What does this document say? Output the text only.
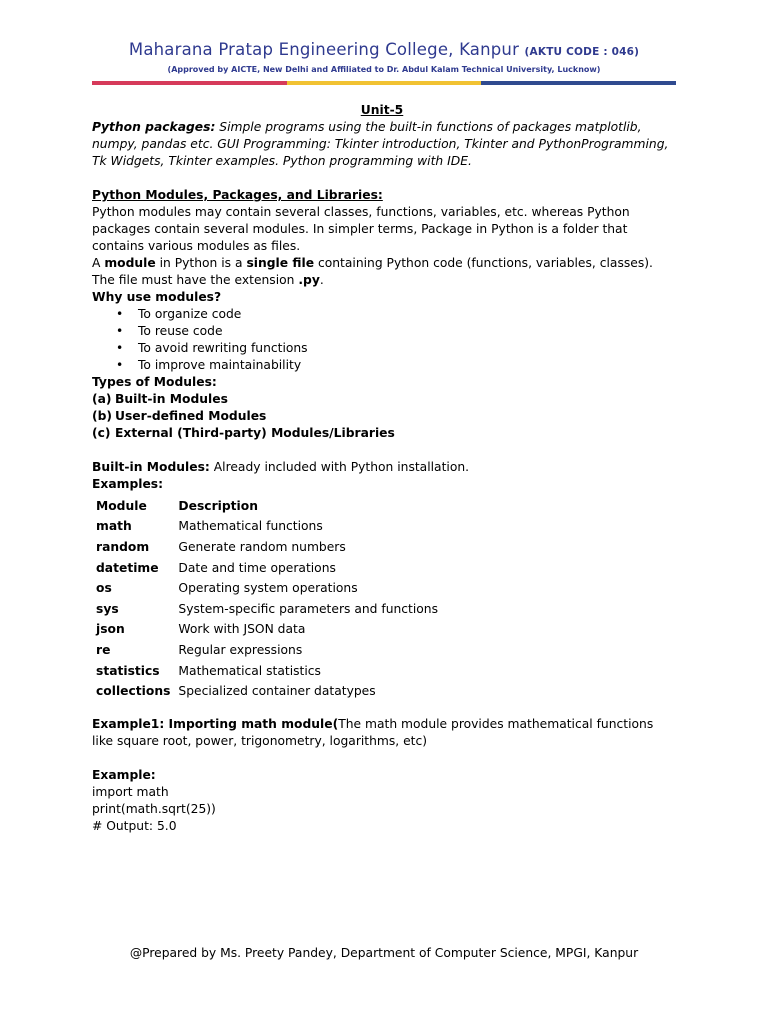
Maharana Pratap Engineering College, Kanpur (AKTU CODE : 046)
(Approved by AICTE, New Delhi and Affiliated to Dr. Abdul Kalam Technical University, Lucknow)
Unit-5
Python packages: Simple programs using the built-in functions of packages matplotlib, numpy, pandas etc. GUI Programming: Tkinter introduction, Tkinter and PythonProgramming, Tk Widgets, Tkinter examples. Python programming with IDE.
Python Modules, Packages, and Libraries:
Python modules may contain several classes, functions, variables, etc. whereas Python packages contain several modules. In simpler terms, Package in Python is a folder that contains various modules as files.
A module in Python is a single file containing Python code (functions, variables, classes).
The file must have the extension .py.
Why use modules?
• To organize code
• To reuse code
• To avoid rewriting functions
• To improve maintainability
Types of Modules:
(a) Built-in Modules
(b) User-defined Modules
(c) External (Third-party) Modules/Libraries
Built-in Modules: Already included with Python installation.
Examples:
Module	Description
math	Mathematical functions
random	Generate random numbers
datetime	Date and time operations
os	Operating system operations
sys	System-specific parameters and functions
json	Work with JSON data
re	Regular expressions
statistics	Mathematical statistics
collections	Specialized container datatypes
Example1: Importing math module(The math module provides mathematical functions like square root, power, trigonometry, logarithms, etc)
Example:
import math
print(math.sqrt(25))
# Output: 5.0
@Prepared by Ms. Preety Pandey, Department of Computer Science, MPGI, Kanpur
